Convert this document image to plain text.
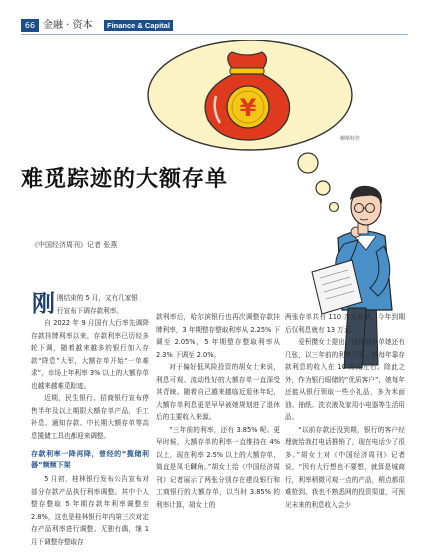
66 金融 · 资本	Finance & Capital
¥
柳斯特作
难觅踪迹的大额存单
《中国经济周刊》记者 张燕
刚 刚结束的 5 月，又有几家银
行宣布下调存款利率。

自 2022 年 9 月国有大行率先调降存款挂牌利率以来，存款利率已历经多轮下调，随着越来越多的银行加入存款“降息”大军，大额存单开始“一单难求”，市场上年利率 3% 以上的大额存单也越来越难觅踪迹。

近期，民生银行、招商银行宣布停售半年及以上期限大额存单产品，手工补息、通知存款、中长期大额存单等高息揽储工具也都迎来调整。

存款利率一降再降，曾经的“揽储利器”频频下架

5 月初，桂林银行发布公告宣布对部分存款产品执行利率调整。其中个人整存整取 5 年期存款年利率调整至 2.8%，这也是桂林银行年内第三次对定存产品利率进行调整。无独有偶，继 1 月下调整存整取存

款利率后，哈尔滨银行也再次调整存款挂牌利率，3 年期整存整取利率从 2.25% 下调至 2.05%，5 年期整存整取利率从 2.3% 下调至 2.0%。

对于偏好低风险投资的胡女士来说，利息可观、流动性好的大额存单一直深受其青睐。随着自己越来越临近退休年纪，大额存单利息更是早早被她规划进了退休后的主要收入来源。

“三年前的利率，还有 3.85% 呢。更早时候，大额存单的利率一直维持在 4% 以上，现在利率 2.5% 以上的大额存单，简直是凤毛麟角。”胡女士给《中国经济周刊》记者展示了两张分别存在建设银行和工商银行的大额存单，以当时 3.85% 的利率计算，胡女士的

两张存单共有 110 万元存款，今年到期后仅利息就有 13 万元。

爱积攒女士提出，这样的存单她还有几张，以三年前的利率计算，她每年靠存款利息的收入在 10 万元左右。除此之外，作为银行眼储的“优质客户”，她每年还能从银行领取一些小礼品，多为米面油、抽纸、洗衣液及家用小电器等生活用品。

“以前存款还没到期，银行的客户经理就给我打电话推销了，现在电话少了很多。”胡女士对《中国经济周刊》记者说，“因有大行想也不要想，就算是城商行，利率稍微可观一点的产品，稍点都很难抢到。我也不熟悉网的投资渠道，可预见未来的利息收入会少
